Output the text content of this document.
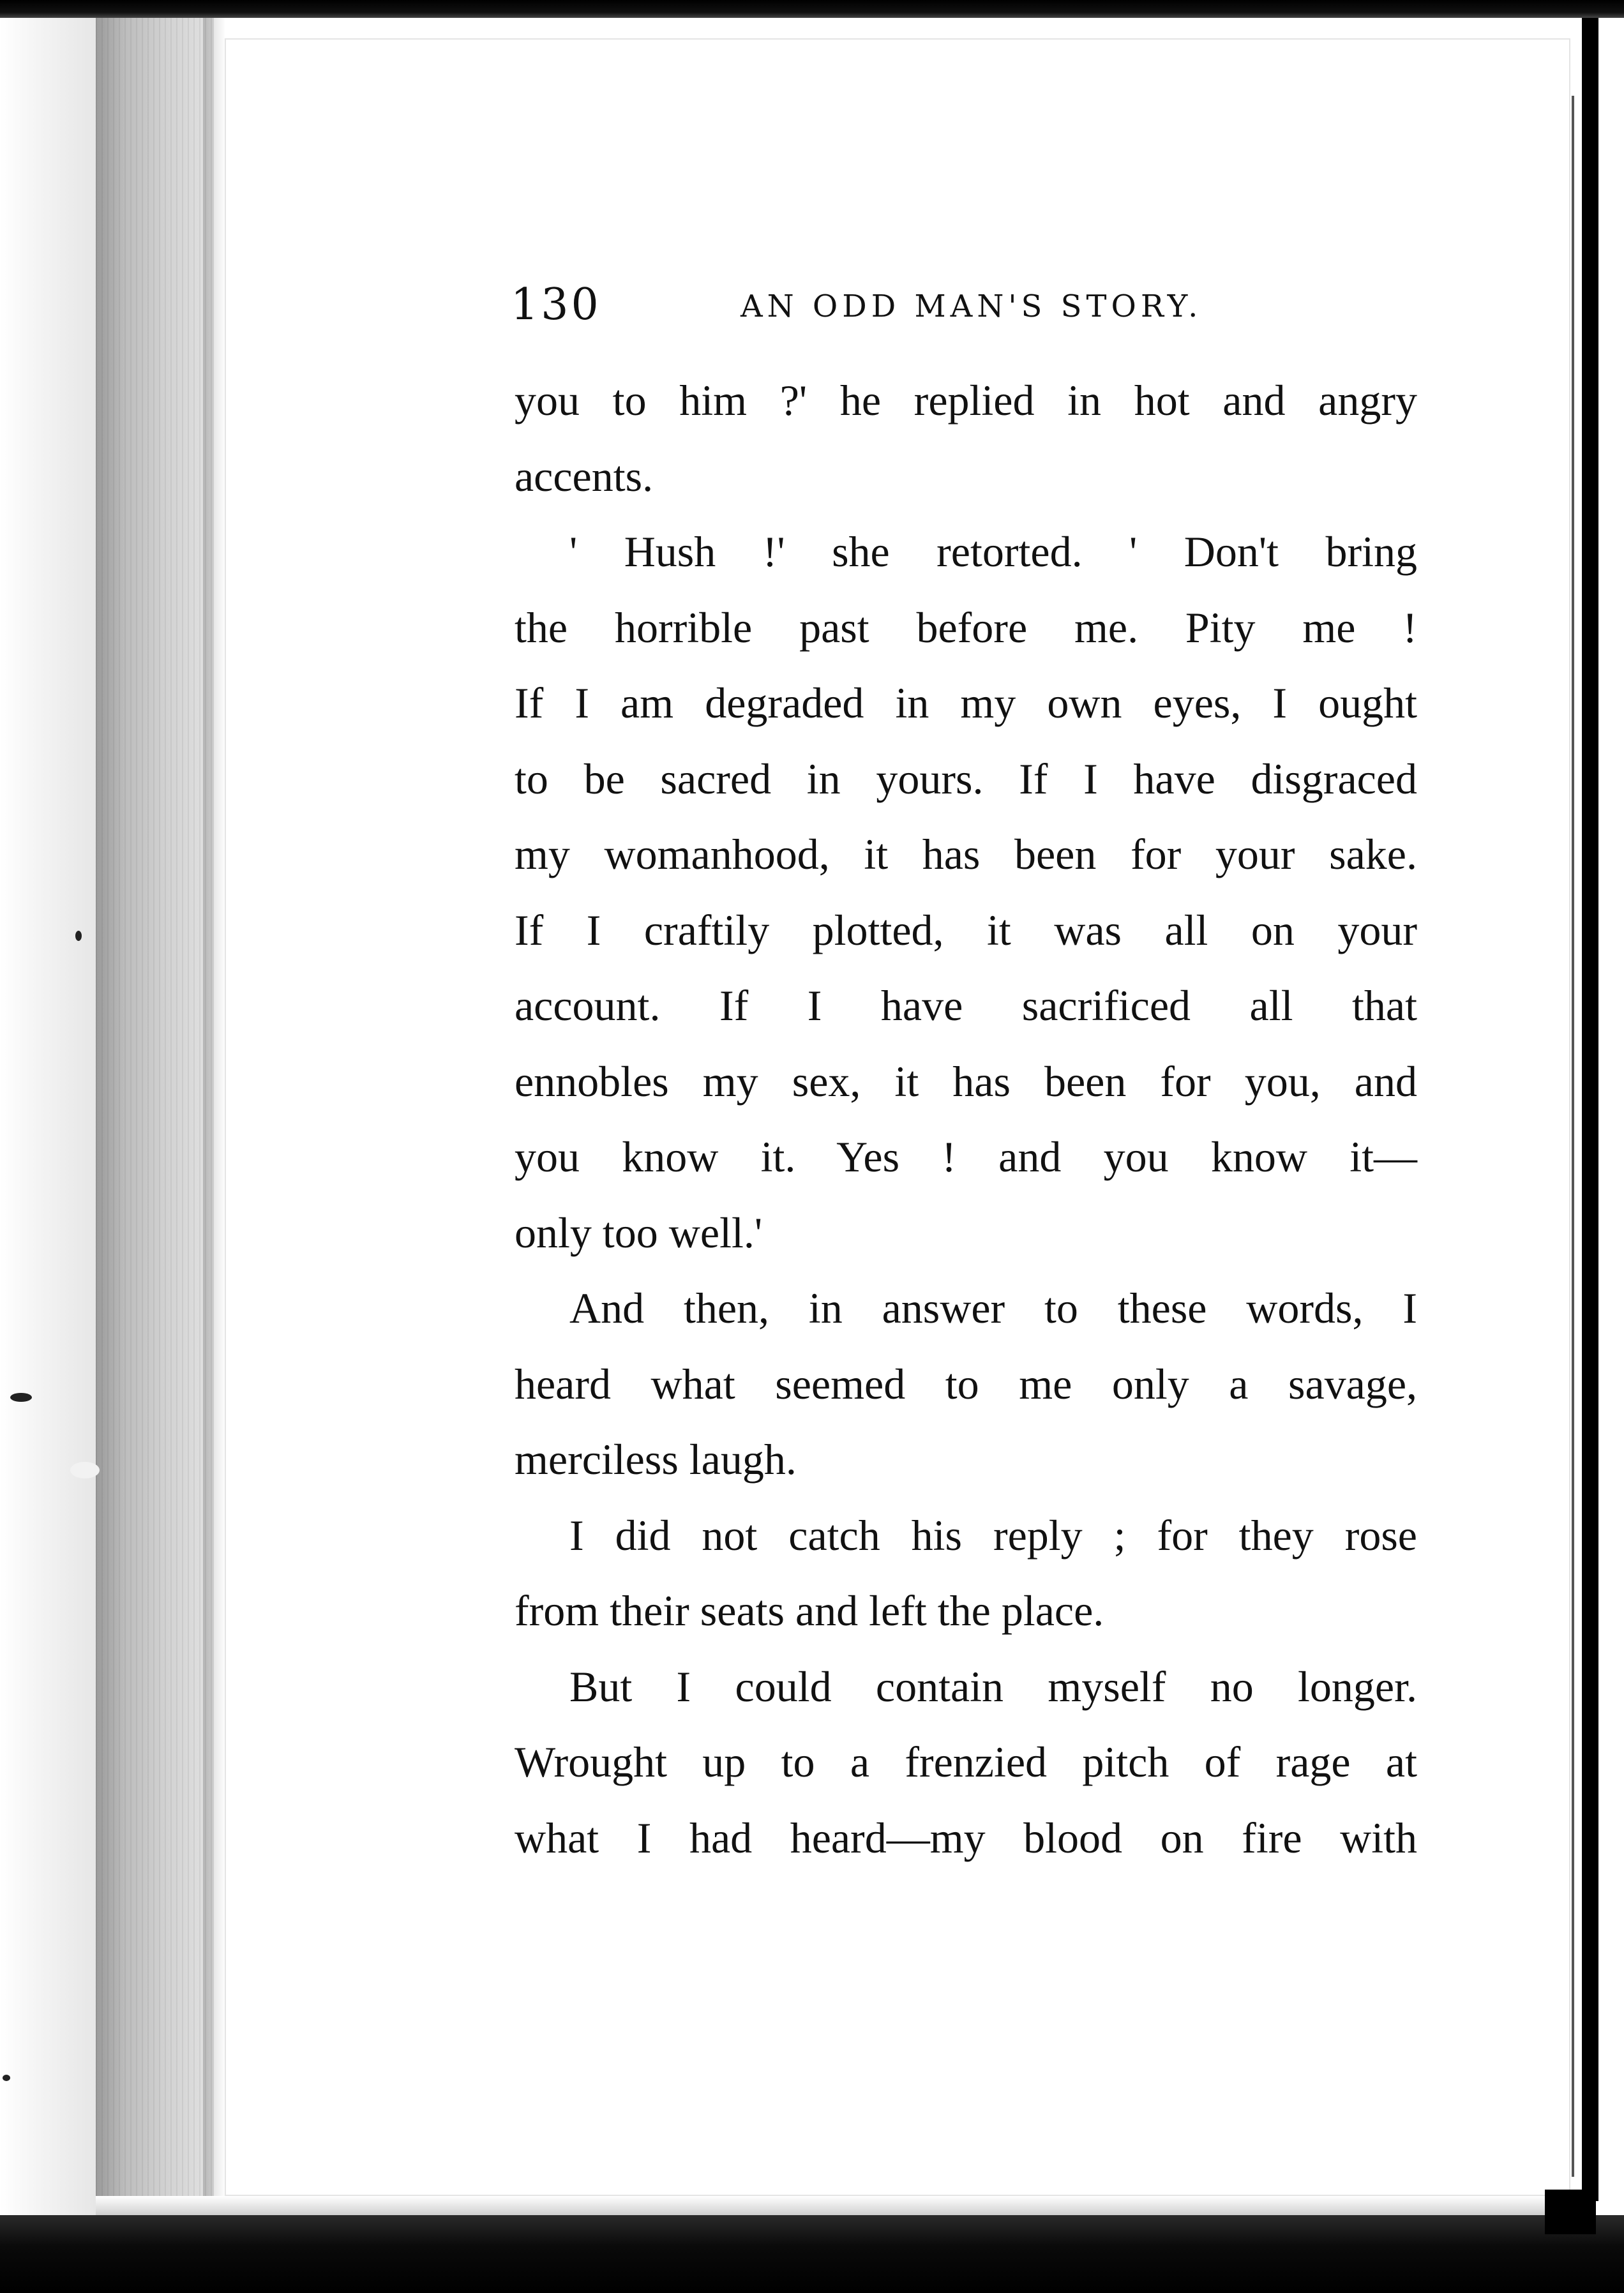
130	AN ODD MAN'S STORY.
you to him ?' he replied in hot and angry
accents.
' Hush !' she retorted. ' Don't bring
the horrible past before me. Pity me !
If I am degraded in my own eyes, I ought
to be sacred in yours. If I have disgraced
my womanhood, it has been for your sake.
If I craftily plotted, it was all on your
account. If I have sacrificed all that
ennobles my sex, it has been for you, and
you know it. Yes ! and you know it—
only too well.'
And then, in answer to these words, I
heard what seemed to me only a savage,
merciless laugh.
I did not catch his reply ; for they rose
from their seats and left the place.
But I could contain myself no longer.
Wrought up to a frenzied pitch of rage at
what I had heard—my blood on fire with
